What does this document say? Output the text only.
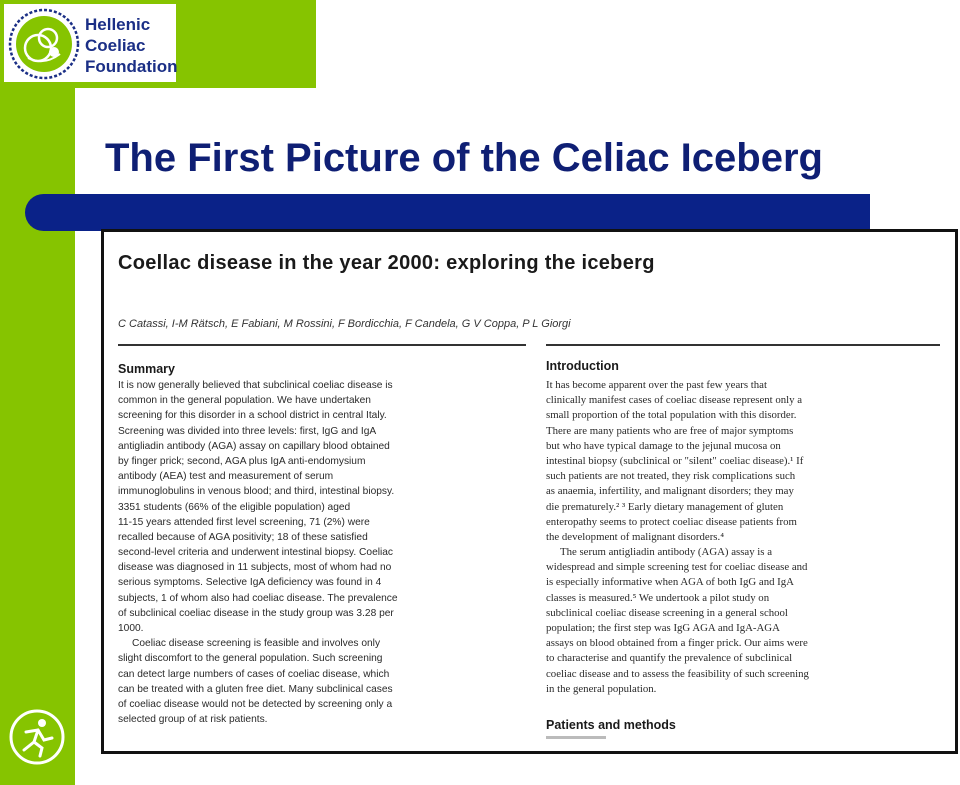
Hellenic
Coeliac
Foundation
The First Picture of the Celiac Iceberg
Coellac disease in the year 2000: exploring the iceberg
C Catassi, I-M Rätsch, E Fabiani, M Rossini, F Bordicchia, F Candela, G V Coppa, P L Giorgi
Summary	Introduction
It is now generally believed that subclinical coeliac disease is
common in the general population. We have undertaken
screening for this disorder in a school district in central Italy.
Screening was divided into three levels: first, IgG and IgA
antigliadin antibody (AGA) assay on capillary blood obtained
by finger prick; second, AGA plus IgA anti-endomysium
antibody (AEA) test and measurement of serum
immunoglobulins in venous blood; and third, intestinal biopsy.
3351 students (66% of the eligible population) aged
11-15 years attended first level screening, 71 (2%) were
recalled because of AGA positivity; 18 of these satisfied
second-level criteria and underwent intestinal biopsy. Coeliac
disease was diagnosed in 11 subjects, most of whom had no
serious symptoms. Selective IgA deficiency was found in 4
subjects, 1 of whom also had coeliac disease. The prevalence
of subclinical coeliac disease in the study group was 3.28 per
1000.
Coeliac disease screening is feasible and involves only
slight discomfort to the general population. Such screening
can detect large numbers of cases of coeliac disease, which
can be treated with a gluten free diet. Many subclinical cases
of coeliac disease would not be detected by screening only a
selected group of at risk patients.
It has become apparent over the past few years that
clinically manifest cases of coeliac disease represent only a
small proportion of the total population with this disorder.
There are many patients who are free of major symptoms
but who have typical damage to the jejunal mucosa on
intestinal biopsy (subclinical or "silent" coeliac disease).¹ If
such patients are not treated, they risk complications such
as anaemia, infertility, and malignant disorders; they may
die prematurely.² ³ Early dietary management of gluten
enteropathy seems to protect coeliac disease patients from
the development of malignant disorders.⁴
The serum antigliadin antibody (AGA) assay is a
widespread and simple screening test for coeliac disease and
is especially informative when AGA of both IgG and IgA
classes is measured.⁵ We undertook a pilot study on
subclinical coeliac disease screening in a general school
population; the first step was IgG AGA and IgA-AGA
assays on blood obtained from a finger prick. Our aims were
to characterise and quantify the prevalence of subclinical
coeliac disease and to assess the feasibility of such screening
in the general population.
Patients and methods
